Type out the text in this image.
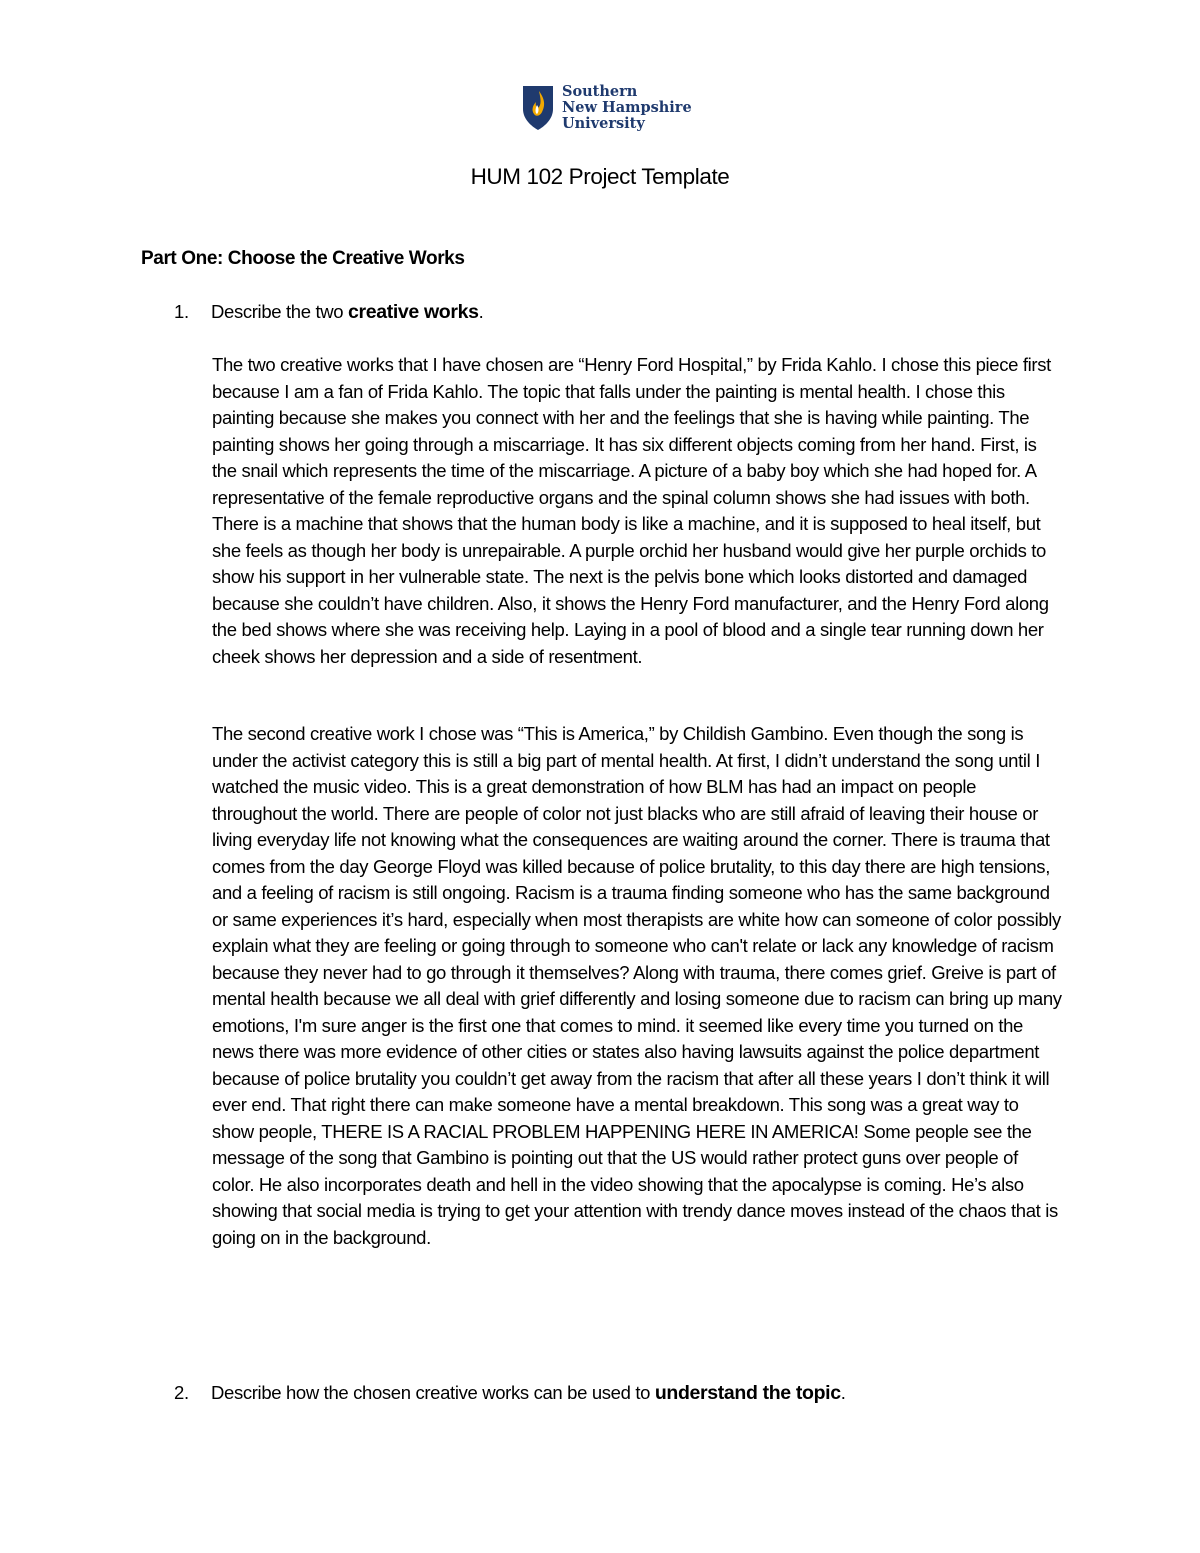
Southern
New Hampshire
University
HUM 102 Project Template
Part One: Choose the Creative Works
1. Describe the two creative works.

The two creative works that I have chosen are “Henry Ford Hospital,” by Frida Kahlo. I chose this piece first because I am a fan of Frida Kahlo. The topic that falls under the painting is mental health. I chose this painting because she makes you connect with her and the feelings that she is having while painting. The painting shows her going through a miscarriage. It has six different objects coming from her hand. First, is the snail which represents the time of the miscarriage. A picture of a baby boy which she had hoped for. A representative of the female reproductive organs and the spinal column shows she had issues with both. There is a machine that shows that the human body is like a machine, and it is supposed to heal itself, but she feels as though her body is unrepairable. A purple orchid her husband would give her purple orchids to show his support in her vulnerable state. The next is the pelvis bone which looks distorted and damaged because she couldn’t have children. Also, it shows the Henry Ford manufacturer, and the Henry Ford along the bed shows where she was receiving help. Laying in a pool of blood and a single tear running down her cheek shows her depression and a side of resentment.

The second creative work I chose was “This is America,” by Childish Gambino. Even though the song is under the activist category this is still a big part of mental health. At first, I didn’t understand the song until I watched the music video. This is a great demonstration of how BLM has had an impact on people throughout the world. There are people of color not just blacks who are still afraid of leaving their house or living everyday life not knowing what the consequences are waiting around the corner. There is trauma that comes from the day George Floyd was killed because of police brutality, to this day there are high tensions, and a feeling of racism is still ongoing. Racism is a trauma finding someone who has the same background or same experiences it’s hard, especially when most therapists are white how can someone of color possibly explain what they are feeling or going through to someone who can't relate or lack any knowledge of racism because they never had to go through it themselves? Along with trauma, there comes grief. Greive is part of mental health because we all deal with grief differently and losing someone due to racism can bring up many emotions, I'm sure anger is the first one that comes to mind. it seemed like every time you turned on the news there was more evidence of other cities or states also having lawsuits against the police department because of police brutality you couldn’t get away from the racism that after all these years I don’t think it will ever end. That right there can make someone have a mental breakdown. This song was a great way to show people, THERE IS A RACIAL PROBLEM HAPPENING HERE IN AMERICA! Some people see the message of the song that Gambino is pointing out that the US would rather protect guns over people of color. He also incorporates death and hell in the video showing that the apocalypse is coming. He’s also showing that social media is trying to get your attention with trendy dance moves instead of the chaos that is going on in the background.

2. Describe how the chosen creative works can be used to understand the topic.
